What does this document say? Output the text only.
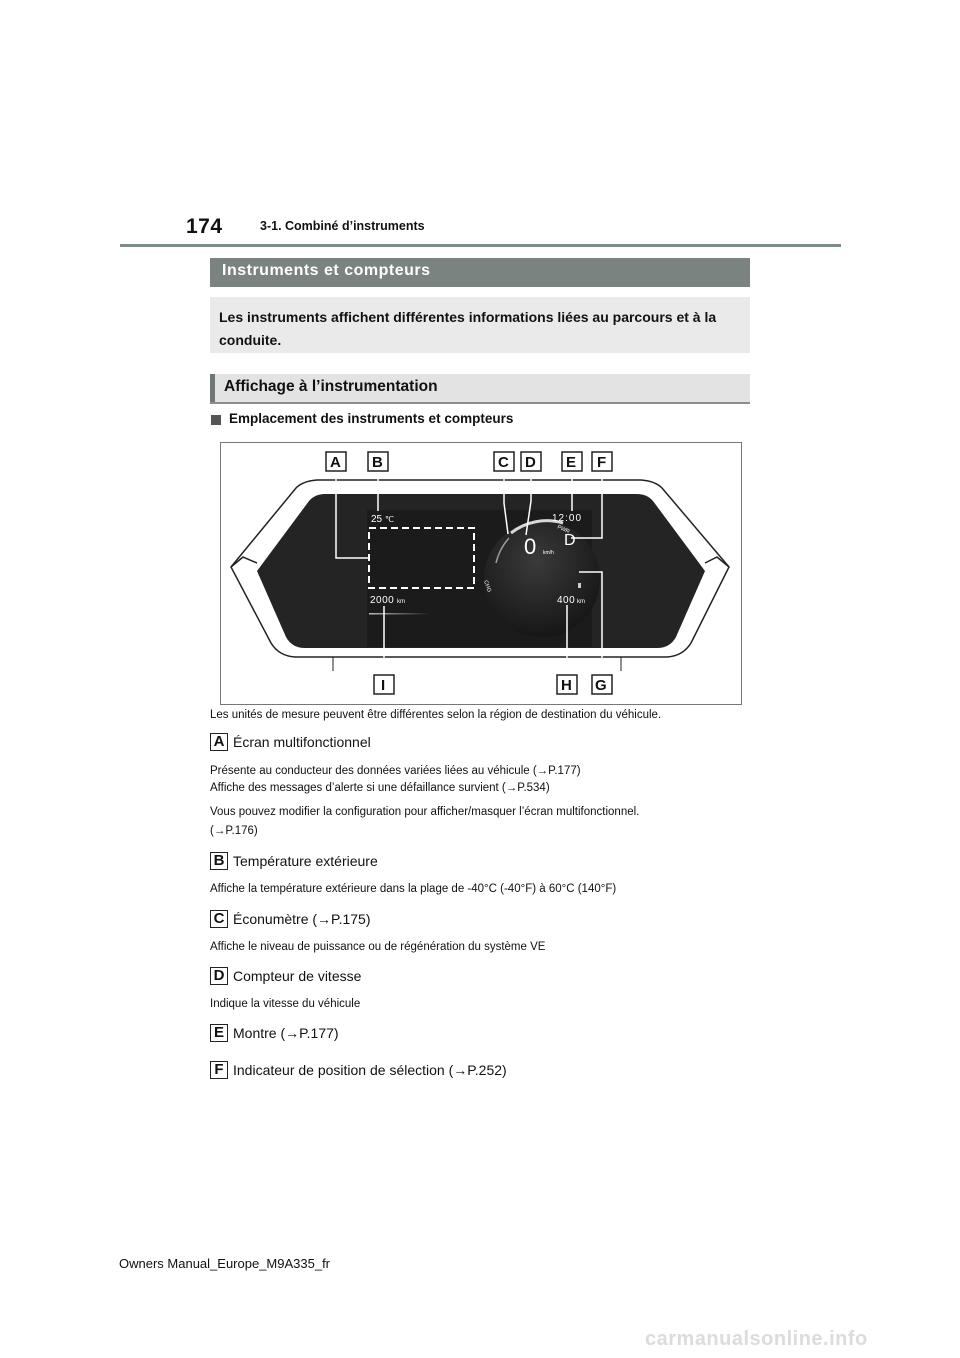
174	3-1. Combiné d’instruments
Instruments et compteurs
Les instruments affichent différentes informations liées au parcours et à la conduite.
Affichage à l’instrumentation
Emplacement des instruments et compteurs
PWR
CHG
25 ℃	12:00
0 km/h
D
2000 km	400 km
A B	C D E F
G
H
I
Les unités de mesure peuvent être différentes selon la région de destination du véhicule.
A Écran multifonctionnel
Présente au conducteur des données variées liées au véhicule (→P.177)
Affiche des messages d’alerte si une défaillance survient (→P.534)
Vous pouvez modifier la configuration pour afficher/masquer l’écran multifonctionnel.
(→P.176)
B Température extérieure
Affiche la température extérieure dans la plage de -40°C (-40°F) à 60°C (140°F)
C Éconumètre (→P.175)
Affiche le niveau de puissance ou de régénération du système VE
D Compteur de vitesse
Indique la vitesse du véhicule
E Montre (→P.177)
F Indicateur de position de sélection (→P.252)
Owners Manual_Europe_M9A335_fr
carmanualsonline.info
